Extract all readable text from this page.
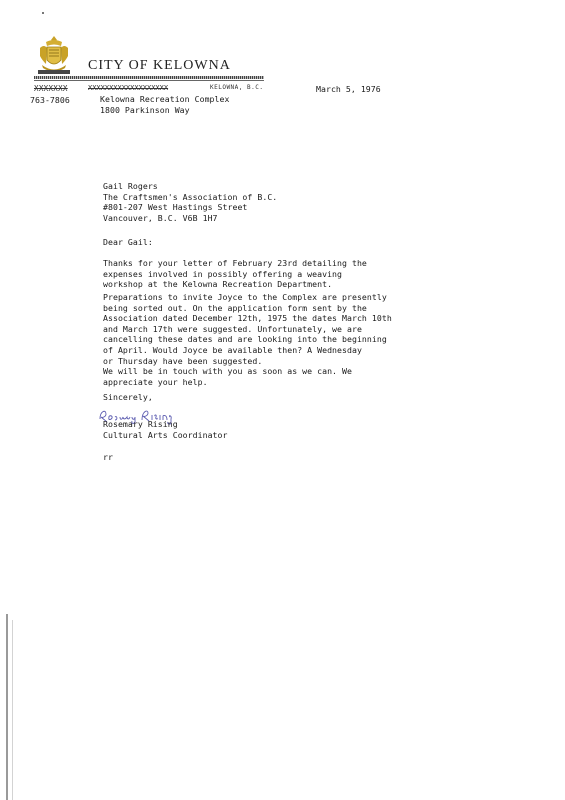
CITY OF KELOWNA
XXXXXXX	XXXXXXXXXXXXXXXXXXX	KELOWNA, B.C.	March 5, 1976
763-7806	Kelowna Recreation Complex
1800 Parkinson Way

Gail Rogers

The Craftsmen's Association of B.C.

#801-207 West Hastings Street

Vancouver, B.C. V6B 1H7

Dear Gail:

Thanks for your letter of February 23rd detailing the

expenses involved in possibly offering a weaving

workshop at the Kelowna Recreation Department.

Preparations to invite Joyce to the Complex are presently

being sorted out. On the application form sent by the

Association dated December 12th, 1975 the dates March 10th

and March 17th were suggested. Unfortunately, we are

cancelling these dates and are looking into the beginning

of April. Would Joyce be available then? A Wednesday

or Thursday have been suggested.

We will be in touch with you as soon as we can. We

appreciate your help.

Sincerely,

Rosemary Rising

Cultural Arts Coordinator

rr
